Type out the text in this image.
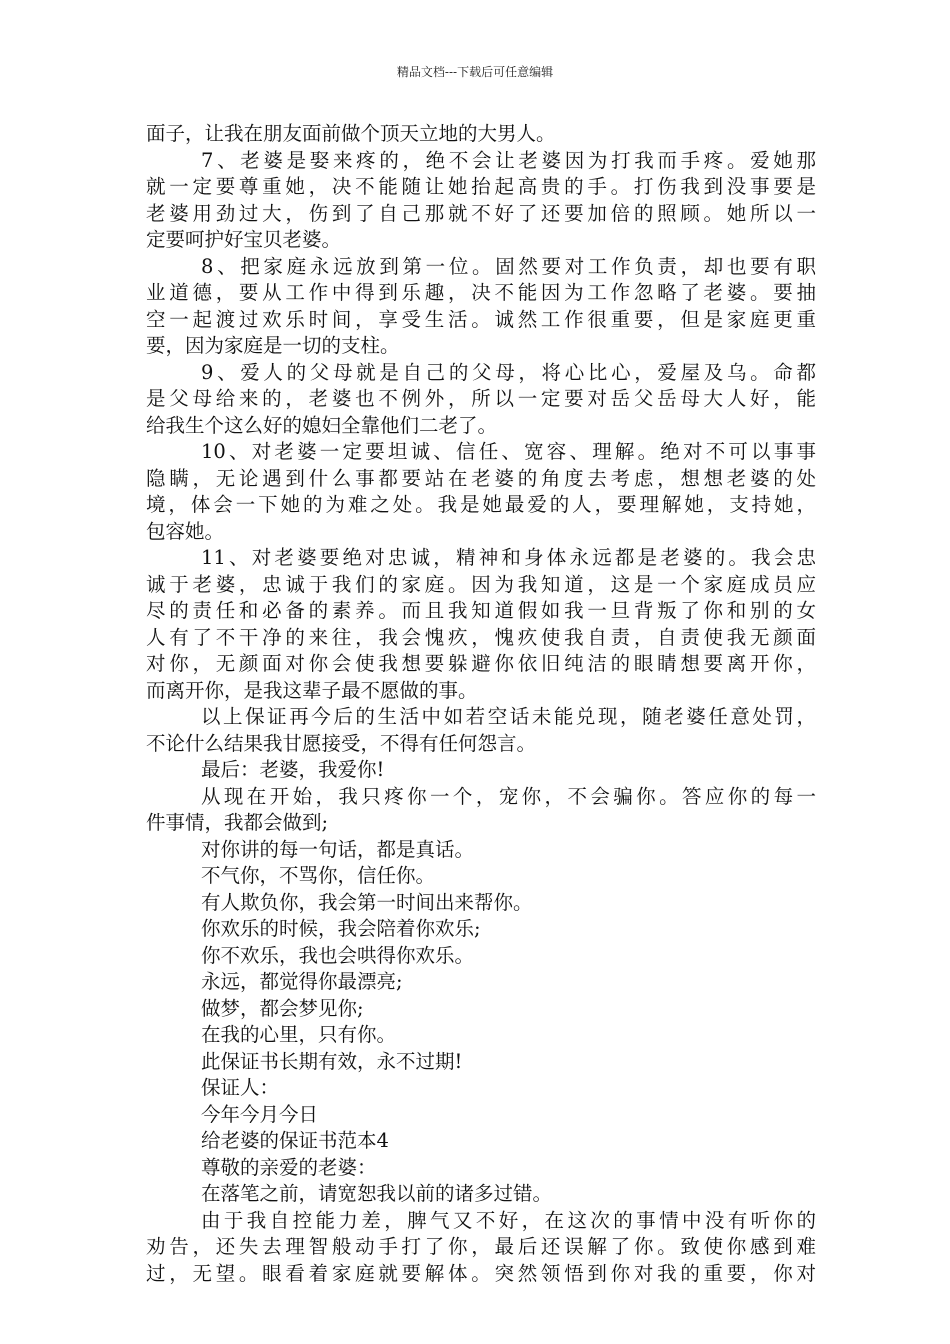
精品文档---下载后可任意编辑
面子，让我在朋友面前做个顶天立地的大男人。
7、老婆是娶来疼的，绝不会让老婆因为打我而手疼。爱她那
就一定要尊重她，决不能随让她抬起高贵的手。打伤我到没事要是
老婆用劲过大，伤到了自己那就不好了还要加倍的照顾。她所以一
定要呵护好宝贝老婆。
8、把家庭永远放到第一位。固然要对工作负责，却也要有职
业道德，要从工作中得到乐趣，决不能因为工作忽略了老婆。要抽
空一起渡过欢乐时间，享受生活。诚然工作很重要，但是家庭更重
要，因为家庭是一切的支柱。
9、爱人的父母就是自己的父母，将心比心，爱屋及乌。命都
是父母给来的，老婆也不例外，所以一定要对岳父岳母大人好，能
给我生个这么好的媳妇全靠他们二老了。
10、对老婆一定要坦诚、信任、宽容、理解。绝对不可以事事
隐瞒，无论遇到什么事都要站在老婆的角度去考虑，想想老婆的处
境，体会一下她的为难之处。我是她最爱的人，要理解她，支持她，
包容她。
11、对老婆要绝对忠诚，精神和身体永远都是老婆的。我会忠
诚于老婆，忠诚于我们的家庭。因为我知道，这是一个家庭成员应
尽的责任和必备的素养。而且我知道假如我一旦背叛了你和别的女
人有了不干净的来往，我会愧疚，愧疚使我自责，自责使我无颜面
对你，无颜面对你会使我想要躲避你依旧纯洁的眼睛想要离开你，
而离开你，是我这辈子最不愿做的事。
以上保证再今后的生活中如若空话未能兑现，随老婆任意处罚，
不论什么结果我甘愿接受，不得有任何怨言。
最后：老婆，我爱你!
从现在开始，我只疼你一个，宠你，不会骗你。答应你的每一
件事情，我都会做到;
对你讲的每一句话，都是真话。
不气你，不骂你，信任你。
有人欺负你，我会第一时间出来帮你。
你欢乐的时候，我会陪着你欢乐;
你不欢乐，我也会哄得你欢乐。
永远，都觉得你最漂亮;
做梦，都会梦见你;
在我的心里，只有你。
此保证书长期有效，永不过期!
保证人：
今年今月今日
给老婆的保证书范本4
尊敬的亲爱的老婆：
在落笔之前，请宽恕我以前的诸多过错。
由于我自控能力差，脾气又不好，在这次的事情中没有听你的
劝告，还失去理智般动手打了你，最后还误解了你。致使你感到难
过，无望。眼看着家庭就要解体。突然领悟到你对我的重要，你对
